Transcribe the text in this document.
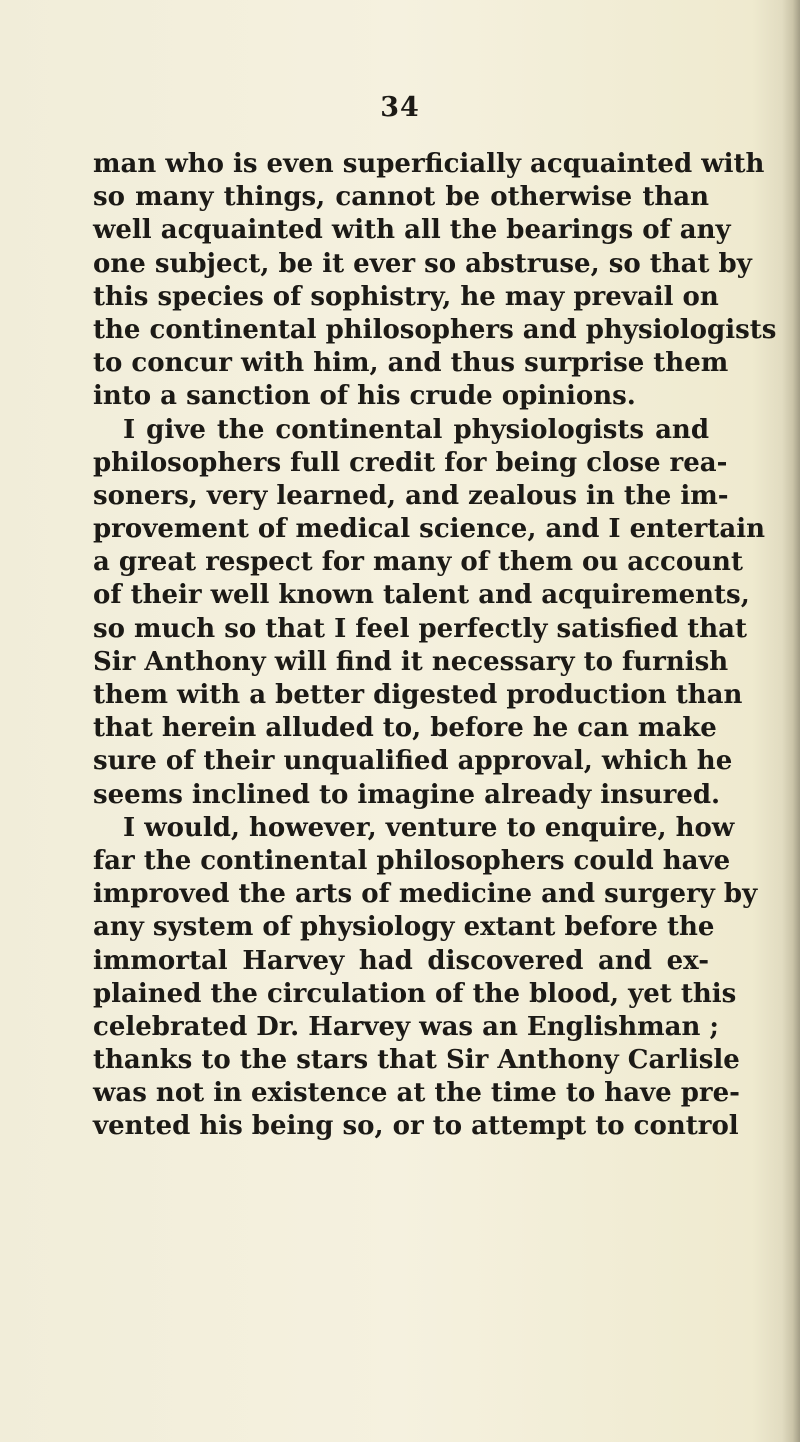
34
man who is even superficially acquainted with
so many things, cannot be otherwise than
well acquainted with all the bearings of any
one subject, be it ever so abstruse, so that by
this species of sophistry, he may prevail on
the continental philosophers and physiologists
to concur with him, and thus surprise them
into a sanction of his crude opinions.
I give the continental physiologists and
philosophers full credit for being close rea-
soners, very learned, and zealous in the im-
provement of medical science, and I entertain
a great respect for many of them ou account
of their well known talent and acquirements,
so much so that I feel perfectly satisfied that
Sir Anthony will find it necessary to furnish
them with a better digested production than
that herein alluded to, before he can make
sure of their unqualified approval, which he
seems inclined to imagine already insured.
I would, however, venture to enquire, how
far the continental philosophers could have
improved the arts of medicine and surgery by
any system of physiology extant before the
immortal Harvey had discovered and ex-
plained the circulation of the blood, yet this
celebrated Dr. Harvey was an Englishman ;
thanks to the stars that Sir Anthony Carlisle
was not in existence at the time to have pre-
vented his being so, or to attempt to control
